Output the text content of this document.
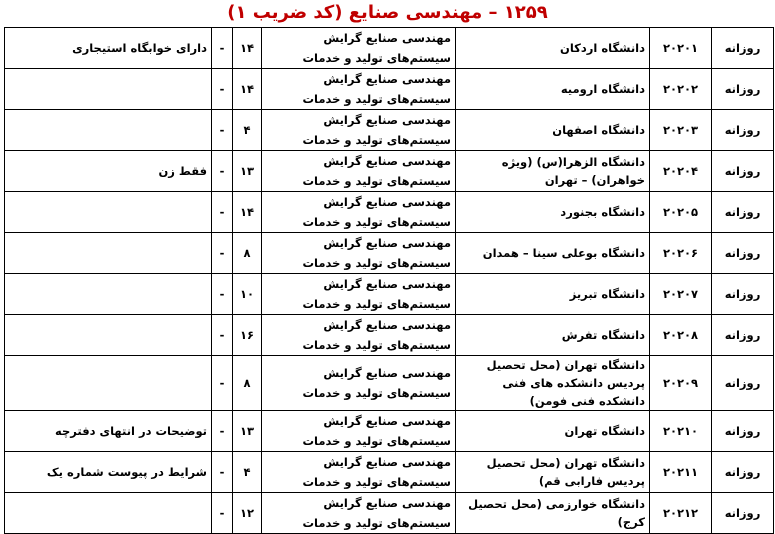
۱۲۵۹ – مهندسی صنایع (کد ضریب ۱)
روزانه	۲۰۲۰۱	دانشگاه اردکان	مهندسی صنایع گرایش سیستم‌های تولید و خدمات	۱۴	-	دارای خوابگاه استیجاری
روزانه	۲۰۲۰۲	دانشگاه ارومیه	مهندسی صنایع گرایش سیستم‌های تولید و خدمات	۱۴	-	
روزانه	۲۰۲۰۳	دانشگاه اصفهان	مهندسی صنایع گرایش سیستم‌های تولید و خدمات	۴	-	
روزانه	۲۰۲۰۴	دانشگاه الزهرا(س) (ویژه خواهران) – تهران	مهندسی صنایع گرایش سیستم‌های تولید و خدمات	۱۳	-	فقط زن
روزانه	۲۰۲۰۵	دانشگاه بجنورد	مهندسی صنایع گرایش سیستم‌های تولید و خدمات	۱۴	-	
روزانه	۲۰۲۰۶	دانشگاه بوعلی سینا – همدان	مهندسی صنایع گرایش سیستم‌های تولید و خدمات	۸	-	
روزانه	۲۰۲۰۷	دانشگاه تبریز	مهندسی صنایع گرایش سیستم‌های تولید و خدمات	۱۰	-	
روزانه	۲۰۲۰۸	دانشگاه تفرش	مهندسی صنایع گرایش سیستم‌های تولید و خدمات	۱۶	-	
روزانه	۲۰۲۰۹	دانشگاه تهران (محل تحصیل پردیس دانشکده های فنی دانشکده فنی فومن)	مهندسی صنایع گرایش سیستم‌های تولید و خدمات	۸	-	
روزانه	۲۰۲۱۰	دانشگاه تهران	مهندسی صنایع گرایش سیستم‌های تولید و خدمات	۱۳	-	توضیحات در انتهای دفترچه
روزانه	۲۰۲۱۱	دانشگاه تهران (محل تحصیل پردیس فارابی قم)	مهندسی صنایع گرایش سیستم‌های تولید و خدمات	۴	-	شرایط در پیوست شماره یک
روزانه	۲۰۲۱۲	دانشگاه خوارزمی (محل تحصیل کرج)	مهندسی صنایع گرایش سیستم‌های تولید و خدمات	۱۲	-	
